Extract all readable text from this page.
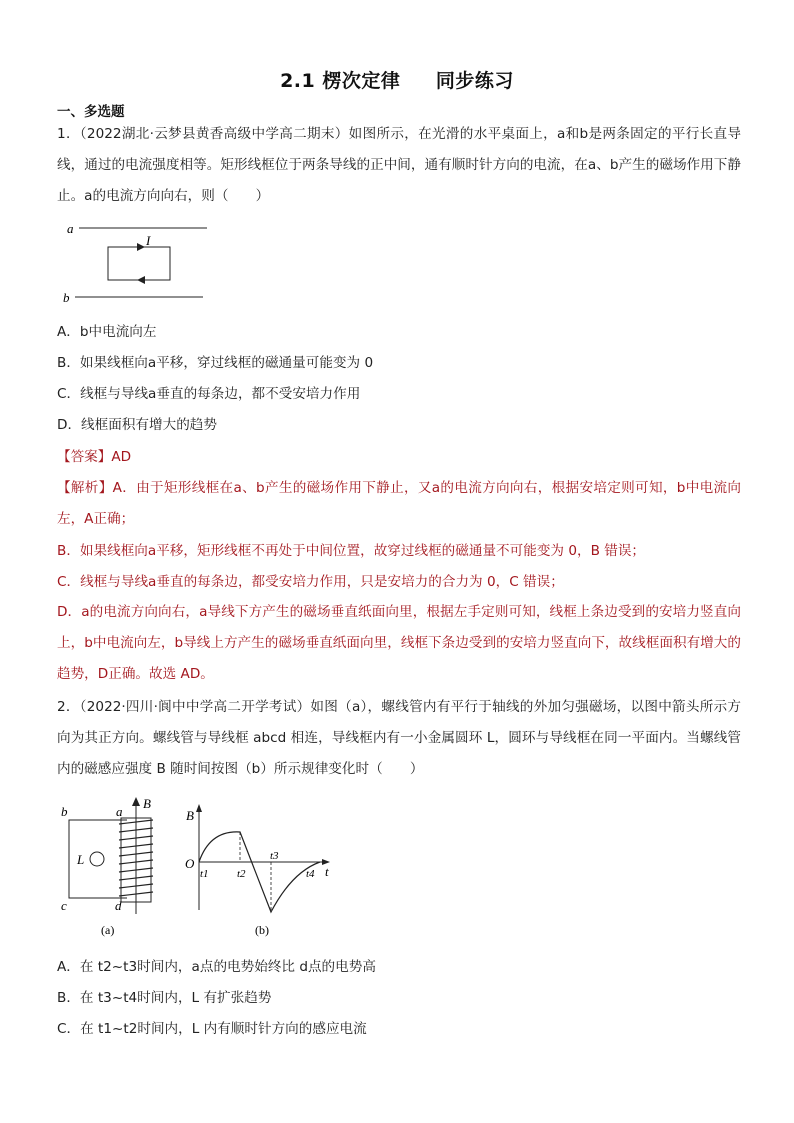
2.1 楞次定律     同步练习
一、多选题
1．（2022湖北·云梦县黄香高级中学高二期末）如图所示，在光滑的水平桌面上，a和b是两条固定的平行长直导线，通过的电流强度相等。矩形线框位于两条导线的正中间，通有顺时针方向的电流，在a、b产生的磁场作用下静止。a的电流方向向右，则（　　）
a
I
b
A．b中电流向左
B．如果线框向a平移，穿过线框的磁通量可能变为 0
C．线框与导线a垂直的每条边，都不受安培力作用
D．线框面积有增大的趋势
【答案】AD
【解析】A．由于矩形线框在a、b产生的磁场作用下静止，又a的电流方向向右，根据安培定则可知，b中电流向左，A正确；
B．如果线框向a平移，矩形线框不再处于中间位置，故穿过线框的磁通量不可能变为 0，B 错误；
C．线框与导线a垂直的每条边，都受安培力作用，只是安培力的合力为 0，C 错误；
D．a的电流方向向右，a导线下方产生的磁场垂直纸面向里，根据左手定则可知，线框上条边受到的安培力竖直向上，b中电流向左，b导线上方产生的磁场垂直纸面向里，线框下条边受到的安培力竖直向下，故线框面积有增大的趋势，D正确。故选 AD。
2．（2022·四川·阆中中学高二开学考试）如图（a），螺线管内有平行于轴线的外加匀强磁场，以图中箭头所示方向为其正方向。螺线管与导线框 abcd 相连，导线框内有一小金属圆环 L，圆环与导线框在同一平面内。当螺线管内的磁感应强度 B 随时间按图（b）所示规律变化时（　　）
b	a
B
L
c	d
(a)
B
O
t
t1	t2
t3
t4
(b)
A．在 t2~t3时间内，a点的电势始终比 d点的电势高
B．在 t3~t4时间内，L 有扩张趋势
C．在 t1~t2时间内，L 内有顺时针方向的感应电流
